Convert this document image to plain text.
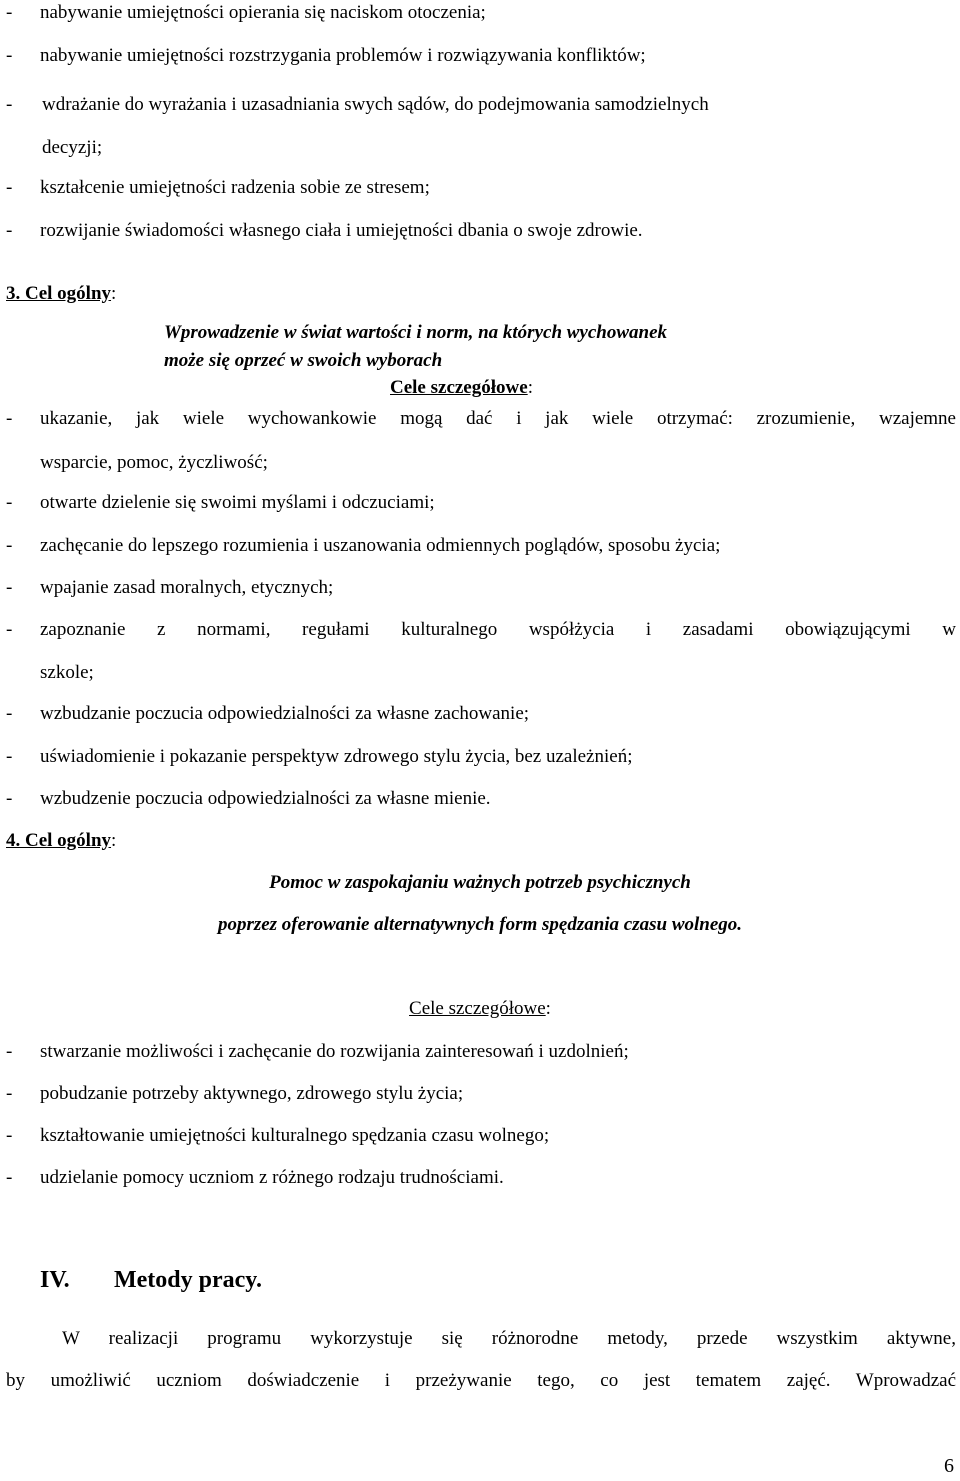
- nabywanie umiejętności opierania się naciskom otoczenia;
- nabywanie umiejętności rozstrzygania problemów i rozwiązywania konfliktów;
- wdrażanie do wyrażania i uzasadniania swych sądów, do podejmowania samodzielnych
decyzji;
- kształcenie umiejętności radzenia sobie ze stresem;
- rozwijanie świadomości własnego ciała i umiejętności dbania o swoje zdrowie.
3. Cel ogólny:
Wprowadzenie w świat wartości i norm, na których wychowanek
może się oprzeć w swoich wyborach
Cele szczegółowe:
- ukazanie, jak wiele wychowankowie mogą dać i jak wiele otrzymać: zrozumienie, wzajemne
wsparcie, pomoc, życzliwość;
- otwarte dzielenie się swoimi myślami i odczuciami;
- zachęcanie do lepszego rozumienia i uszanowania odmiennych poglądów, sposobu życia;
- wpajanie zasad moralnych, etycznych;
- zapoznanie z normami, regułami kulturalnego współżycia i zasadami obowiązującymi w
szkole;
- wzbudzanie poczucia odpowiedzialności za własne zachowanie;
- uświadomienie i pokazanie perspektyw zdrowego stylu życia, bez uzależnień;
- wzbudzenie poczucia odpowiedzialności za własne mienie.
4. Cel ogólny:
Pomoc w zaspokajaniu ważnych potrzeb psychicznych
poprzez oferowanie alternatywnych form spędzania czasu wolnego.
Cele szczegółowe:
- stwarzanie możliwości i zachęcanie do rozwijania zainteresowań i uzdolnień;
- pobudzanie potrzeby aktywnego, zdrowego stylu życia;
- kształtowanie umiejętności kulturalnego spędzania czasu wolnego;
- udzielanie pomocy uczniom z różnego rodzaju trudnościami.
IV. Metody pracy.
W realizacji programu wykorzystuje się różnorodne metody, przede wszystkim aktywne,
by umożliwić uczniom doświadczenie i przeżywanie tego, co jest tematem zajęć. Wprowadzać
6
